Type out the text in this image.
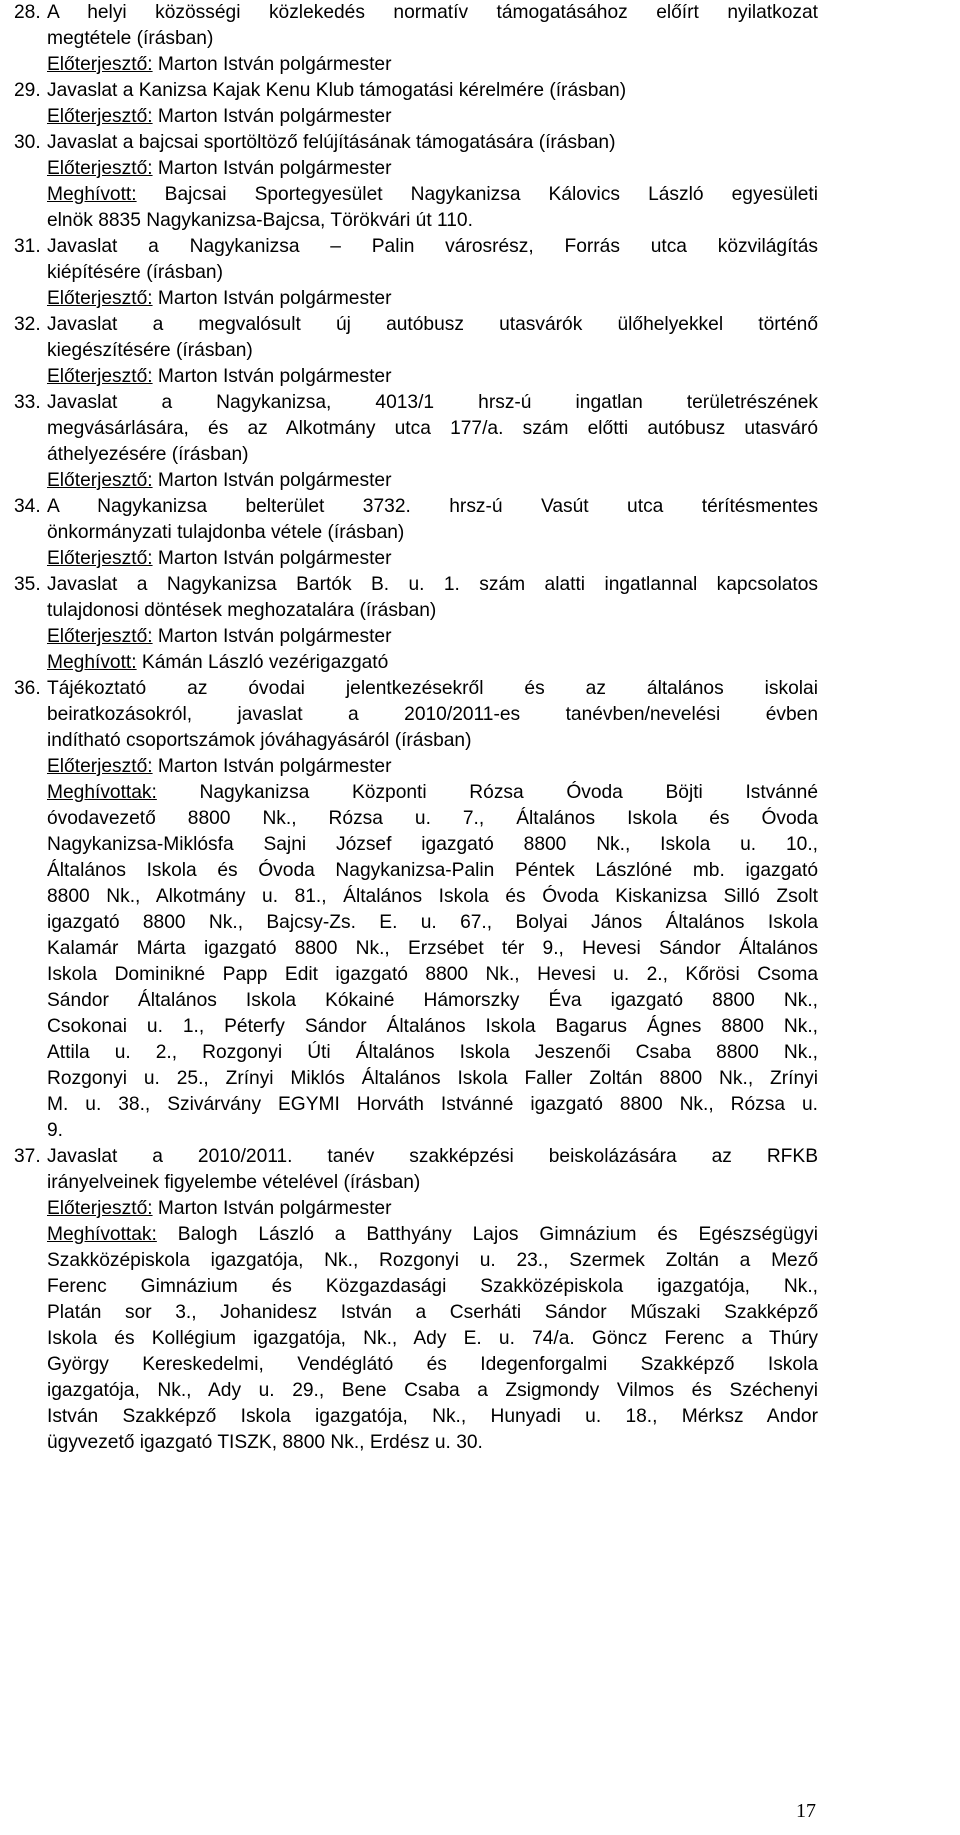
28. A helyi közösségi közlekedés normatív támogatásához előírt nyilatkozat
megtétele (írásban)
Előterjesztő: Marton István polgármester
29. Javaslat a Kanizsa Kajak Kenu Klub támogatási kérelmére (írásban)
Előterjesztő: Marton István polgármester
30. Javaslat a bajcsai sportöltöző felújításának támogatására (írásban)
Előterjesztő: Marton István polgármester
Meghívott: Bajcsai Sportegyesület Nagykanizsa Kálovics László egyesületi
elnök 8835 Nagykanizsa-Bajcsa, Törökvári út 110.
31. Javaslat a Nagykanizsa – Palin városrész, Forrás utca közvilágítás
kiépítésére (írásban)
Előterjesztő: Marton István polgármester
32. Javaslat a megvalósult új autóbusz utasvárók ülőhelyekkel történő
kiegészítésére (írásban)
Előterjesztő: Marton István polgármester
33. Javaslat a Nagykanizsa, 4013/1 hrsz-ú ingatlan területrészének
megvásárlására, és az Alkotmány utca 177/a. szám előtti autóbusz utasváró
áthelyezésére (írásban)
Előterjesztő: Marton István polgármester
34. A Nagykanizsa belterület 3732. hrsz-ú Vasút utca térítésmentes
önkormányzati tulajdonba vétele (írásban)
Előterjesztő: Marton István polgármester
35. Javaslat a Nagykanizsa Bartók B. u. 1. szám alatti ingatlannal kapcsolatos
tulajdonosi döntések meghozatalára (írásban)
Előterjesztő: Marton István polgármester
Meghívott: Kámán László vezérigazgató
36. Tájékoztató az óvodai jelentkezésekről és az általános iskolai
beiratkozásokról, javaslat a 2010/2011-es tanévben/nevelési évben
indítható csoportszámok jóváhagyásáról (írásban)
Előterjesztő: Marton István polgármester
Meghívottak: Nagykanizsa Központi Rózsa Óvoda Böjti Istvánné
óvodavezető 8800 Nk., Rózsa u. 7., Általános Iskola és Óvoda
Nagykanizsa-Miklósfa Sajni József igazgató 8800 Nk., Iskola u. 10.,
Általános Iskola és Óvoda Nagykanizsa-Palin Péntek Lászlóné mb. igazgató
8800 Nk., Alkotmány u. 81., Általános Iskola és Óvoda Kiskanizsa Silló Zsolt
igazgató 8800 Nk., Bajcsy-Zs. E. u. 67., Bolyai János Általános Iskola
Kalamár Márta igazgató 8800 Nk., Erzsébet tér 9., Hevesi Sándor Általános
Iskola Dominikné Papp Edit igazgató 8800 Nk., Hevesi u. 2., Kőrösi Csoma
Sándor Általános Iskola Kókainé Hámorszky Éva igazgató 8800 Nk.,
Csokonai u. 1., Péterfy Sándor Általános Iskola Bagarus Ágnes 8800 Nk.,
Attila u. 2., Rozgonyi Úti Általános Iskola Jeszenői Csaba 8800 Nk.,
Rozgonyi u. 25., Zrínyi Miklós Általános Iskola Faller Zoltán 8800 Nk., Zrínyi
M. u. 38., Szivárvány EGYMI Horváth Istvánné igazgató 8800 Nk., Rózsa u.
9.
37. Javaslat a 2010/2011. tanév szakképzési beiskolázására az RFKB
irányelveinek figyelembe vételével (írásban)
Előterjesztő: Marton István polgármester
Meghívottak: Balogh László a Batthyány Lajos Gimnázium és Egészségügyi
Szakközépiskola igazgatója, Nk., Rozgonyi u. 23., Szermek Zoltán a Mező
Ferenc Gimnázium és Közgazdasági Szakközépiskola igazgatója, Nk.,
Platán sor 3., Johanidesz István a Cserháti Sándor Műszaki Szakképző
Iskola és Kollégium igazgatója, Nk., Ady E. u. 74/a. Göncz Ferenc a Thúry
György Kereskedelmi, Vendéglátó és Idegenforgalmi Szakképző Iskola
igazgatója, Nk., Ady u. 29., Bene Csaba a Zsigmondy Vilmos és Széchenyi
István Szakképző Iskola igazgatója, Nk., Hunyadi u. 18., Mérksz Andor
ügyvezető igazgató TISZK, 8800 Nk., Erdész u. 30.
17
